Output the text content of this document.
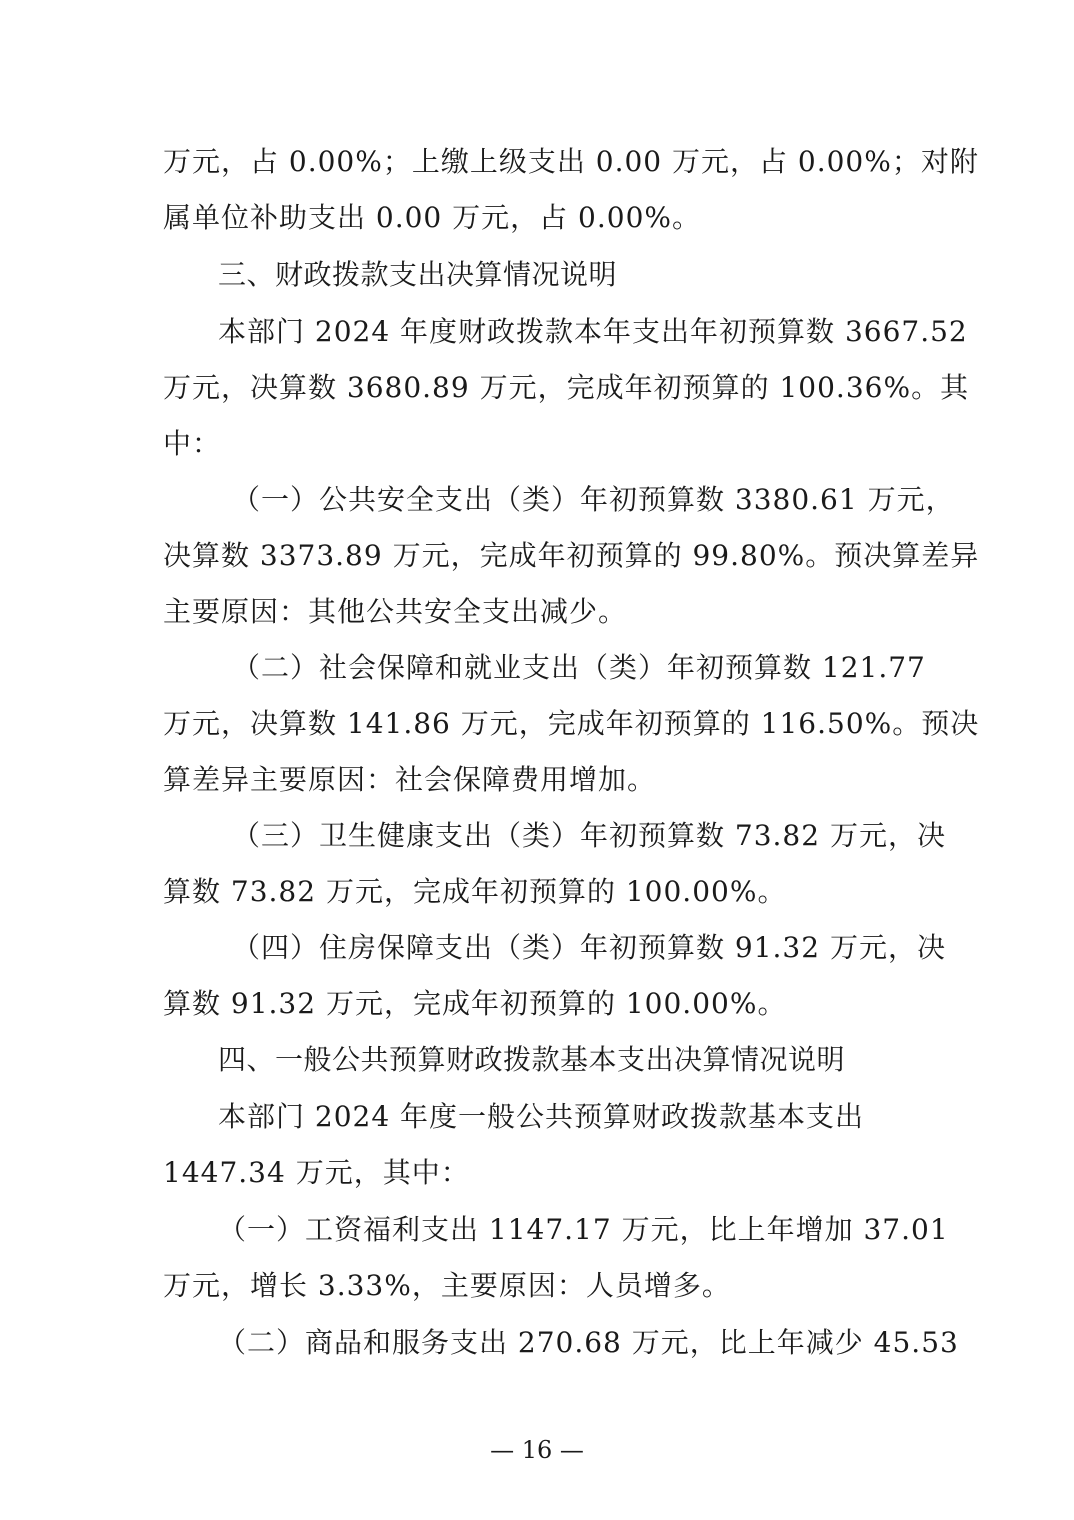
万元，占 0.00%；上缴上级支出 0.00 万元，占 0.00%；对附
属单位补助支出 0.00 万元，占 0.00%。
三、财政拨款支出决算情况说明
本部门 2024 年度财政拨款本年支出年初预算数 3667.52
万元，决算数 3680.89 万元，完成年初预算的 100.36%。其
中：
（一）公共安全支出（类）年初预算数 3380.61 万元，
决算数 3373.89 万元，完成年初预算的 99.80%。预决算差异
主要原因：其他公共安全支出减少。
（二）社会保障和就业支出（类）年初预算数 121.77
万元，决算数 141.86 万元，完成年初预算的 116.50%。预决
算差异主要原因：社会保障费用增加。
（三）卫生健康支出（类）年初预算数 73.82 万元，决
算数 73.82 万元，完成年初预算的 100.00%。
（四）住房保障支出（类）年初预算数 91.32 万元，决
算数 91.32 万元，完成年初预算的 100.00%。
四、一般公共预算财政拨款基本支出决算情况说明
本部门 2024 年度一般公共预算财政拨款基本支出
1447.34 万元，其中：
（一）工资福利支出 1147.17 万元，比上年增加 37.01
万元，增长 3.33%，主要原因：人员增多。
（二）商品和服务支出 270.68 万元，比上年减少 45.53
— 16 —
